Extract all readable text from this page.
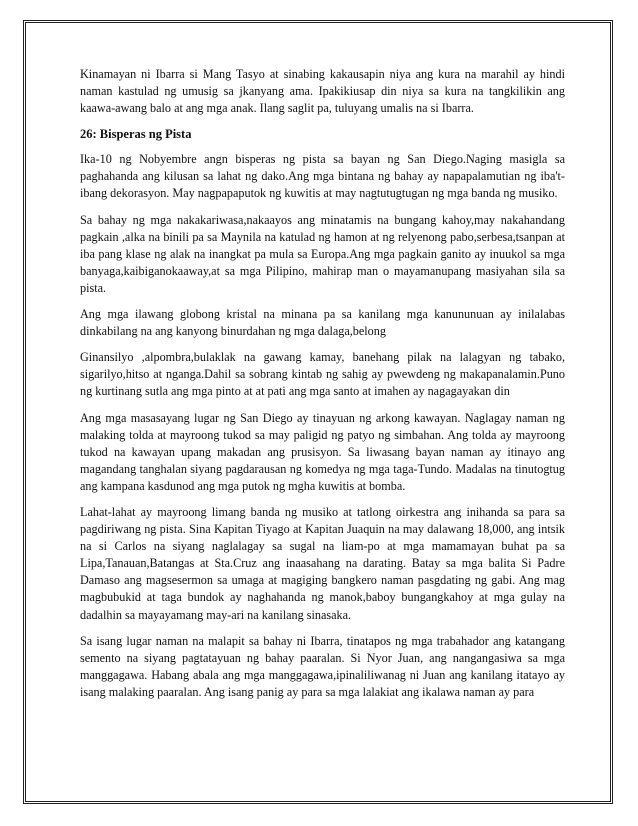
Kinamayan ni Ibarra si Mang Tasyo at sinabing kakausapin niya ang kura na marahil ay hindi naman kastulad ng umusig sa jkanyang ama. Ipakikiusap din niya sa kura na tangkilikin ang kaawa-awang balo at ang mga anak. Ilang saglit pa, tuluyang umalis na si Ibarra.

26: Bisperas ng Pista

Ika-10 ng Nobyembre angn bisperas ng pista sa bayan ng San Diego.Naging masigla sa paghahanda ang kilusan sa lahat ng dako.Ang mga bintana ng bahay ay napapalamutian ng iba't-ibang dekorasyon. May nagpapaputok ng kuwitis at may nagtutugtugan ng mga banda ng musiko.

Sa bahay ng mga nakakariwasa,nakaayos ang minatamis na bungang kahoy,may nakahandang pagkain ,alka na binili pa sa Maynila na katulad ng hamon at ng relyenong pabo,serbesa,tsanpan at iba pang klase ng alak na inangkat pa mula sa Europa.Ang mga pagkain ganito ay inuukol sa mga banyaga,kaibiganokaaway,at sa mga Pilipino, mahirap man o mayamanupang masiyahan sila sa pista.

Ang mga ilawang globong kristal na minana pa sa kanilang mga kanununuan ay inilalabas dinkabilang na ang kanyong binurdahan ng mga dalaga,belong

Ginansilyo ,alpombra,bulaklak na gawang kamay, banehang pilak na lalagyan ng tabako, sigarilyo,hitso at nganga.Dahil sa sobrang kintab ng sahig ay pwewdeng ng makapanalamin.Puno ng kurtinang sutla ang mga pinto at at pati ang mga santo at imahen ay nagagayakan din

Ang mga masasayang lugar ng San Diego ay tinayuan ng arkong kawayan. Naglagay naman ng malaking tolda at mayroong tukod sa may paligid ng patyo ng simbahan. Ang tolda ay mayroong tukod na kawayan upang makadan ang prusisyon. Sa liwasang bayan naman ay itinayo ang magandang tanghalan siyang pagdarausan ng komedya ng mga taga-Tundo. Madalas na tinutogtug ang kampana kasdunod ang mga putok ng mgha kuwitis at bomba.

Lahat-lahat ay mayroong limang banda ng musiko at tatlong oirkestra ang inihanda sa para sa pagdiriwang ng pista. Sina Kapitan Tiyago at Kapitan Juaquin na may dalawang 18,000, ang intsik na si Carlos na siyang naglalagay sa sugal na liam-po at mga mamamayan buhat pa sa Lipa,Tanauan,Batangas at Sta.Cruz ang inaasahang na darating. Batay sa mga balita Si Padre Damaso ang magsesermon sa umaga at magiging bangkero naman pasgdating ng gabi. Ang mag magbubukid at taga bundok ay naghahanda ng manok,baboy bungangkahoy at mga gulay na dadalhin sa mayayamang may-ari na kanilang sinasaka.

Sa isang lugar naman na malapit sa bahay ni Ibarra, tinatapos ng mga trabahador ang katangang semento na siyang pagtatayuan ng bahay paaralan. Si Nyor Juan, ang nangangasiwa sa mga manggagawa. Habang abala ang mga manggagawa,ipinaliliwanag ni Juan ang kanilang itatayo ay isang malaking paaralan. Ang isang panig ay para sa mga lalakiat ang ikalawa naman ay para
